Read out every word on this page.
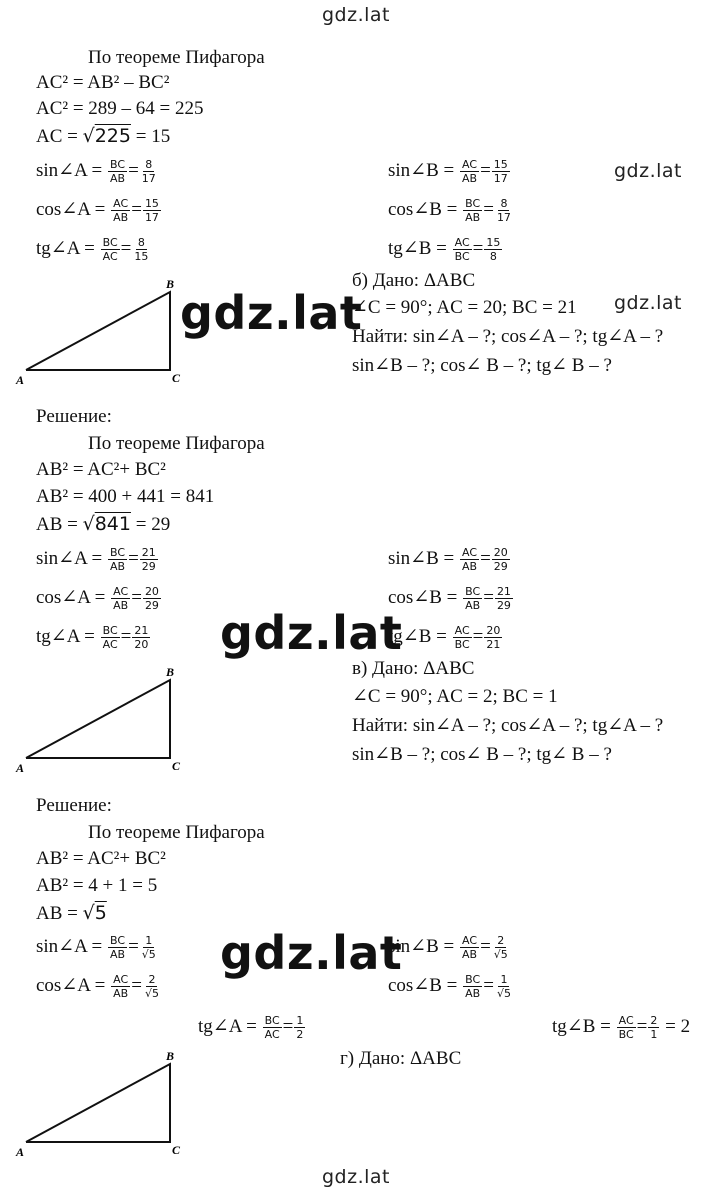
gdz.lat
gdz.lat
gdz.lat
gdz.lat
gdz.lat
gdz.lat
gdz.lat
По теореме Пифагора
AC² = AB² – BC²
AC² = 289 – 64 = 225
AC = √225 = 15
sin∠A = $\frac{BC}{AB} = \frac{8}{17}$
cos∠A = $\frac{AC}{AB} = \frac{15}{17}$
tg∠A = $\frac{BC}{AC} = \frac{8}{15}$
sin∠B = $\frac{AC}{AB} = \frac{15}{17}$
cos∠B = $\frac{BC}{AB} = \frac{8}{17}$
tg∠B = $\frac{AC}{BC} = \frac{15}{8}$
A
B
C
б) Дано: ΔABC
∠C = 90°; AC = 20; BC = 21
Найти: sin∠A – ?; cos∠A – ?; tg∠A – ?
sin∠B – ?; cos∠ B – ?; tg∠ B – ?
Решение:
По теореме Пифагора
AB² = AC²+ BC²
AB² = 400 + 441 = 841
AB = √841 = 29
sin∠A = $\frac{BC}{AB} = \frac{21}{29}$
cos∠A = $\frac{AC}{AB} = \frac{20}{29}$
tg∠A = $\frac{BC}{AC} = \frac{21}{20}$
sin∠B = $\frac{AC}{AB} = \frac{20}{29}$
cos∠B = $\frac{BC}{AB} = \frac{21}{29}$
tg∠B = $\frac{AC}{BC} = \frac{20}{21}$
A
B
C
в) Дано: ΔABC
∠C = 90°; AC = 2; BC = 1
Найти: sin∠A – ?; cos∠A – ?; tg∠A – ?
sin∠B – ?; cos∠ B – ?; tg∠ B – ?
Решение:
По теореме Пифагора
AB² = AC²+ BC²
AB² = 4 + 1 = 5
AB = √5
sin∠A = $\frac{BC}{AB} = \frac{1}{√5}$
cos∠A = $\frac{AC}{AB} = \frac{2}{√5}$
tg∠A = $\frac{BC}{AC} = \frac{1}{2}$
sin∠B = $\frac{AC}{AB} = \frac{2}{√5}$
cos∠B = $\frac{BC}{AB} = \frac{1}{√5}$
tg∠B = $\frac{AC}{BC} = \frac{2}{1} = 2$
г) Дано: ΔABC
A
B
C
